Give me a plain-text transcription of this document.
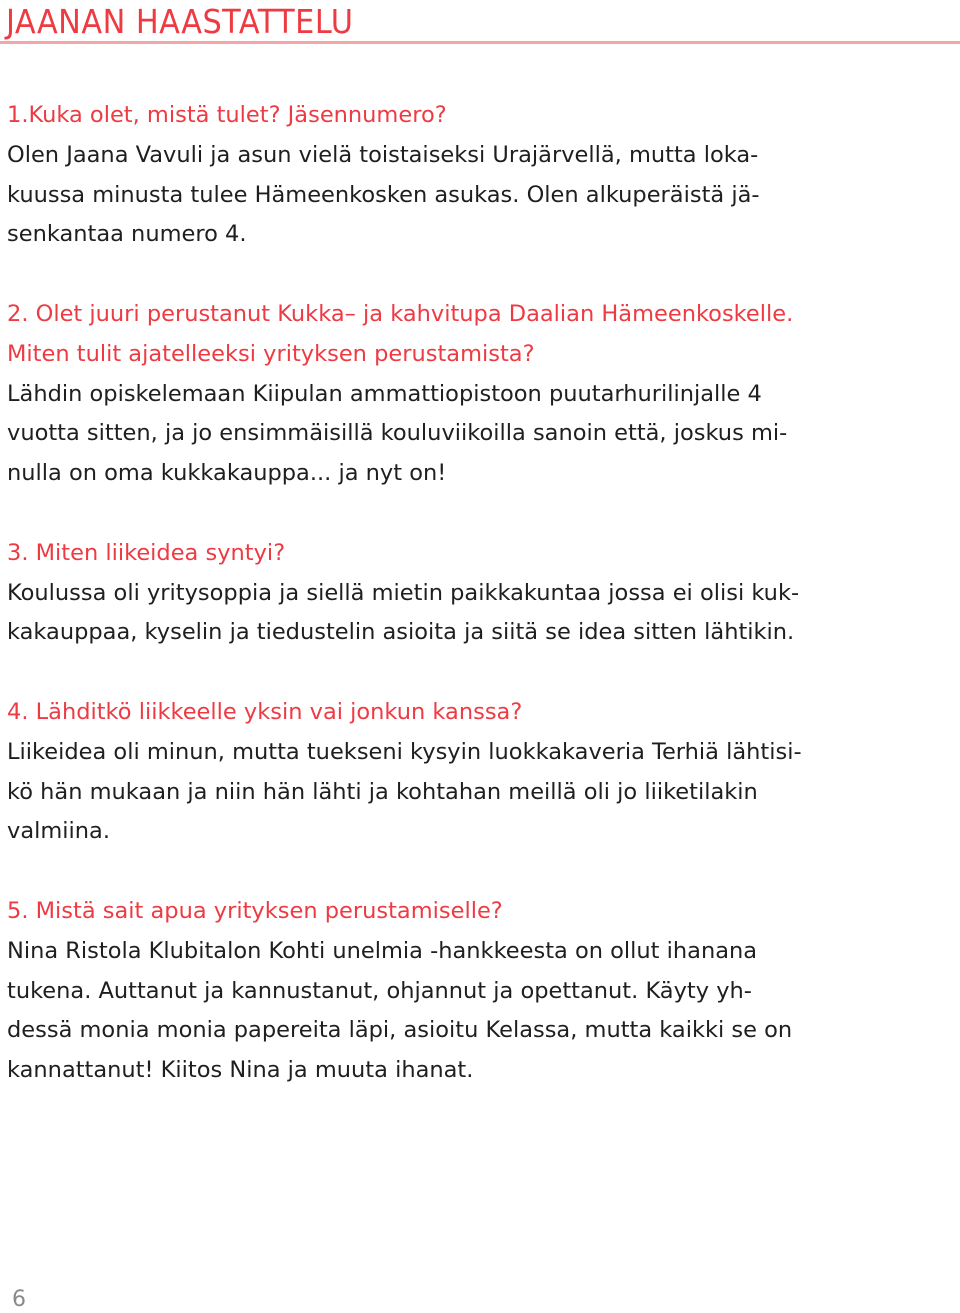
JAANAN HAASTATTELU
1.Kuka olet, mistä tulet? Jäsennumero?
Olen Jaana Vavuli ja asun vielä toistaiseksi Urajärvellä, mutta loka-
kuussa minusta tulee Hämeenkosken asukas. Olen alkuperäistä jä-
senkantaa numero 4.
2. Olet juuri perustanut Kukka– ja kahvitupa Daalian Hämeenkoskelle.
Miten tulit ajatelleeksi yrityksen perustamista?
Lähdin opiskelemaan Kiipulan ammattiopistoon puutarhurilinjalle 4
vuotta sitten, ja jo ensimmäisillä kouluviikoilla sanoin että, joskus mi-
nulla on oma kukkakauppa... ja nyt on!
3. Miten liikeidea syntyi?
Koulussa oli yritysoppia ja siellä mietin paikkakuntaa jossa ei olisi kuk-
kakauppaa, kyselin ja tiedustelin asioita ja siitä se idea sitten lähtikin.
4. Lähditkö liikkeelle yksin vai jonkun kanssa?
Liikeidea oli minun, mutta tuekseni kysyin luokkakaveria Terhiä lähtisi-
kö hän mukaan ja niin hän lähti ja kohtahan meillä oli jo liiketilakin
valmiina.
5. Mistä sait apua yrityksen perustamiselle?
Nina Ristola Klubitalon Kohti unelmia -hankkeesta on ollut ihanana
tukena. Auttanut ja kannustanut, ohjannut ja opettanut. Käyty yh-
dessä monia monia papereita läpi, asioitu Kelassa, mutta kaikki se on
kannattanut! Kiitos Nina ja muuta ihanat.
6
